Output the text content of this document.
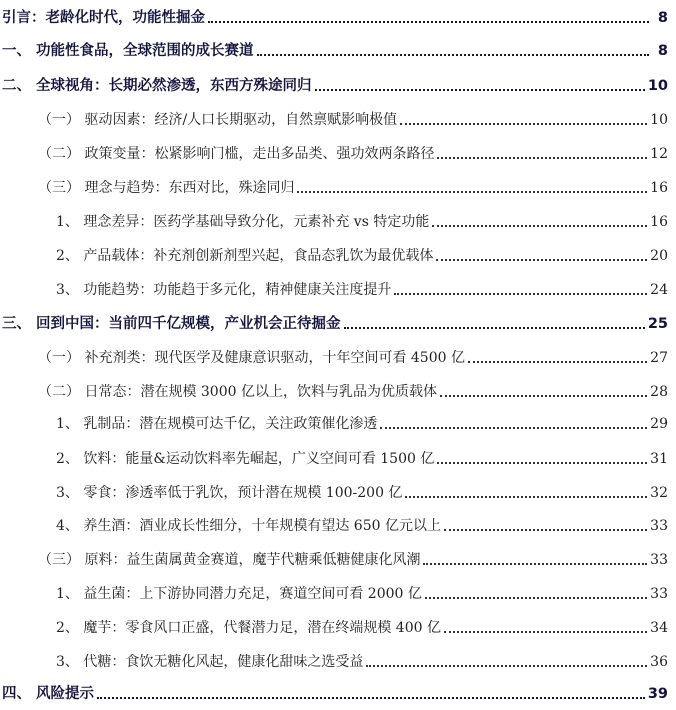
引言：老龄化时代，功能性掘金	8
一、 功能性食品，全球范围的成长赛道	8
二、 全球视角：长期必然渗透，东西方殊途同归	10
（一） 驱动因素：经济/人口长期驱动，自然禀赋影响极值	10
（二） 政策变量：松紧影响门槛，走出多品类、强功效两条路径	12
（三） 理念与趋势：东西对比，殊途同归	16
1、 理念差异：医药学基础导致分化，元素补充 vs 特定功能	16
2、 产品载体：补充剂创新剂型兴起，食品态乳饮为最优载体	20
3、 功能趋势：功能趋于多元化，精神健康关注度提升	24
三、 回到中国：当前四千亿规模，产业机会正待掘金	25
（一） 补充剂类：现代医学及健康意识驱动，十年空间可看 4500 亿	27
（二） 日常态：潜在规模 3000 亿以上，饮料与乳品为优质载体	28
1、 乳制品：潜在规模可达千亿，关注政策催化渗透	29
2、 饮料：能量&运动饮料率先崛起，广义空间可看 1500 亿	31
3、 零食：渗透率低于乳饮，预计潜在规模 100-200 亿	32
4、 养生酒：酒业成长性细分，十年规模有望达 650 亿元以上	33
（三） 原料：益生菌属黄金赛道，魔芋代糖乘低糖健康化风潮	33
1、 益生菌：上下游协同潜力充足，赛道空间可看 2000 亿	33
2、 魔芋：零食风口正盛，代餐潜力足，潜在终端规模 400 亿	34
3、 代糖：食饮无糖化风起，健康化甜味之选受益	36
四、 风险提示	39
